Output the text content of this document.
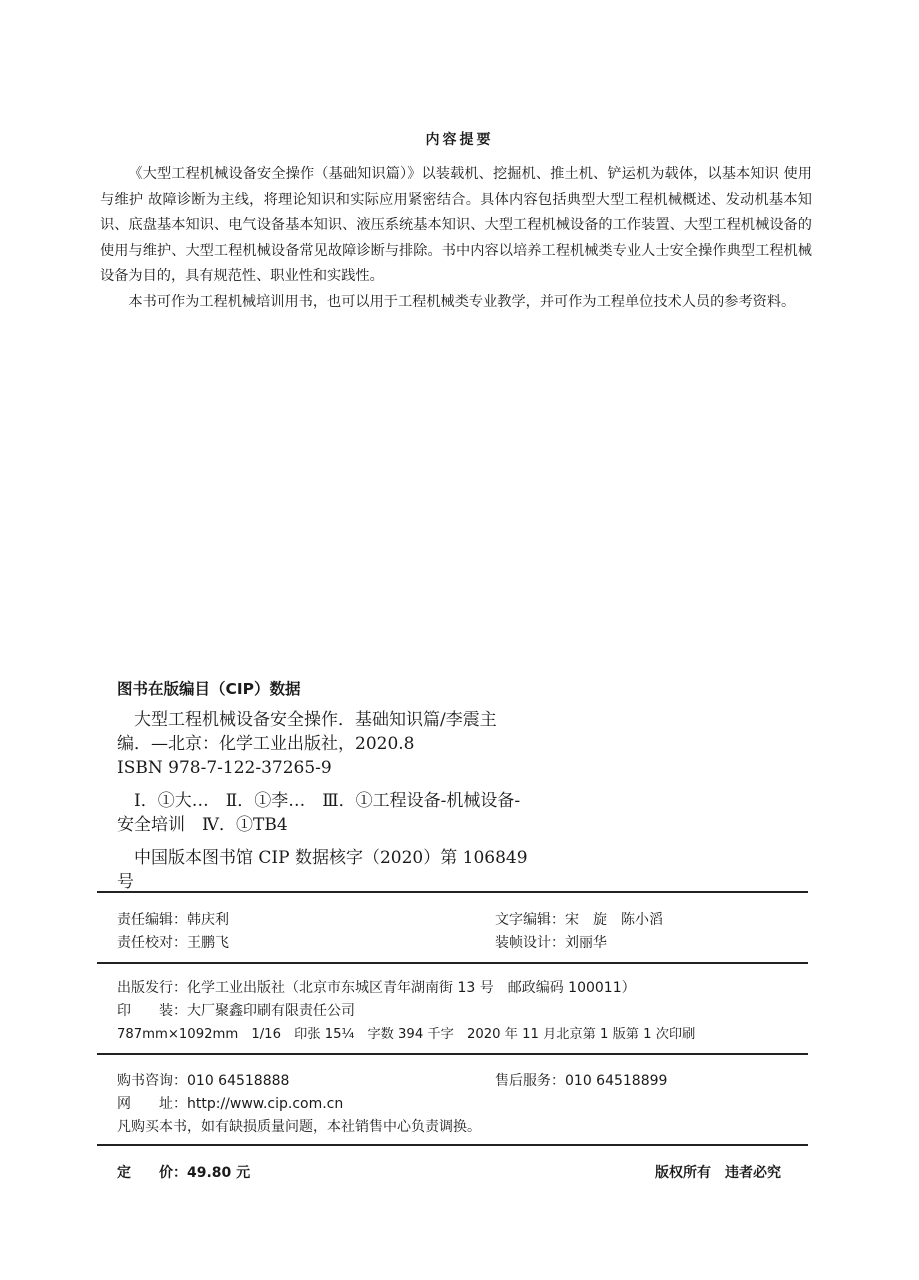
内容提要

《大型工程机械设备安全操作（基础知识篇）》以装载机、挖掘机、推土机、铲运机为载体，以基本知识 使用与维护 故障诊断为主线，将理论知识和实际应用紧密结合。具体内容包括典型大型工程机械概述、发动机基本知识、底盘基本知识、电气设备基本知识、液压系统基本知识、大型工程机械设备的工作装置、大型工程机械设备的使用与维护、大型工程机械设备常见故障诊断与排除。书中内容以培养工程机械类专业人士安全操作典型工程机械设备为目的，具有规范性、职业性和实践性。

本书可作为工程机械培训用书，也可以用于工程机械类专业教学，并可作为工程单位技术人员的参考资料。

图书在版编目（CIP）数据
大型工程机械设备安全操作．基础知识篇/李震主
编．—北京：化学工业出版社，2020.8
ISBN 978-7-122-37265-9
Ⅰ．①大…　Ⅱ．①李…　Ⅲ．①工程设备-机械设备-
安全培训　Ⅳ．①TB4
中国版本图书馆 CIP 数据核字（2020）第 106849 号
责任编辑：韩庆利	文字编辑：宋　旋　陈小滔
责任校对：王鹏飞	装帧设计：刘丽华
出版发行：化学工业出版社（北京市东城区青年湖南街 13 号　邮政编码 100011）
印　　装：大厂聚鑫印刷有限责任公司
787mm×1092mm　1/16　印张 15¼　字数 394 千字　2020 年 11 月北京第 1 版第 1 次印刷
购书咨询：010 64518888	售后服务：010 64518899
网　　址：http://www.cip.com.cn
凡购买本书，如有缺损质量问题，本社销售中心负责调换。
定　　价：49.80 元	版权所有　违者必究
